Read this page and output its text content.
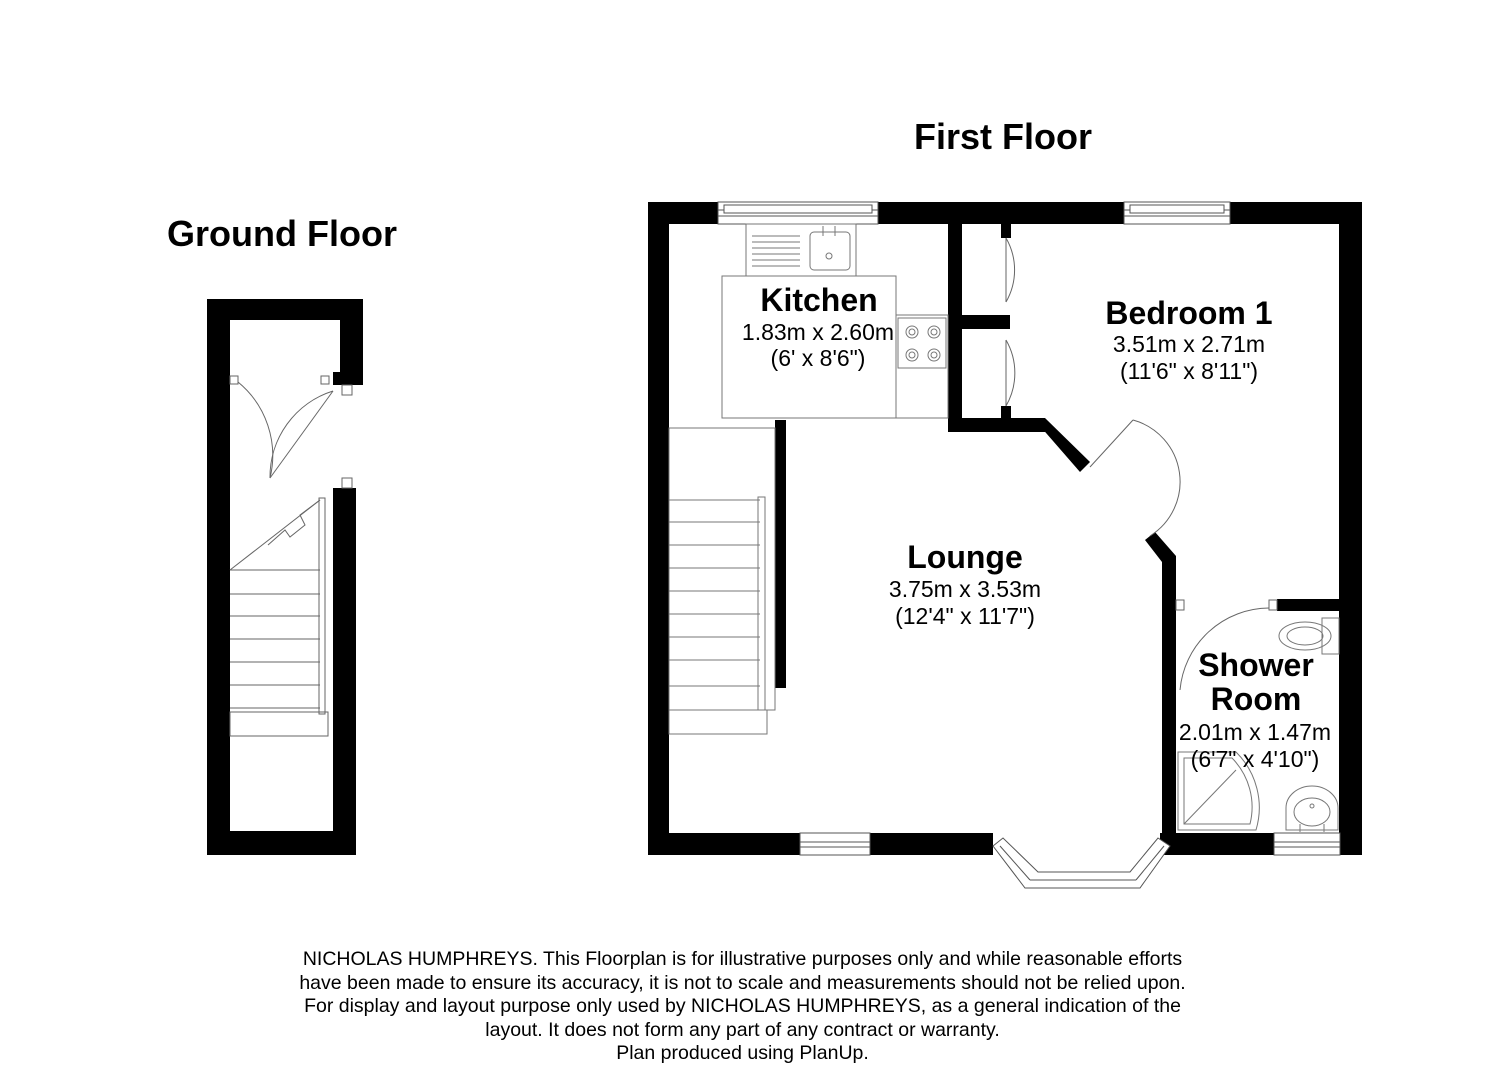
Ground Floor
First Floor
Kitchen
1.83m x 2.60m
(6' x 8'6")
Bedroom 1
3.51m x 2.71m
(11'6" x 8'11")
Lounge
3.75m x 3.53m
(12'4" x 11'7")
Shower
Room
2.01m x 1.47m
(6'7" x 4'10")
NICHOLAS HUMPHREYS. This Floorplan is for illustrative purposes only and while reasonable efforts
have been made to ensure its accuracy, it is not to scale and measurements should not be relied upon.
For display and layout purpose only used by NICHOLAS HUMPHREYS, as a general indication of the
layout. It does not form any part of any contract or warranty.
Plan produced using PlanUp.
